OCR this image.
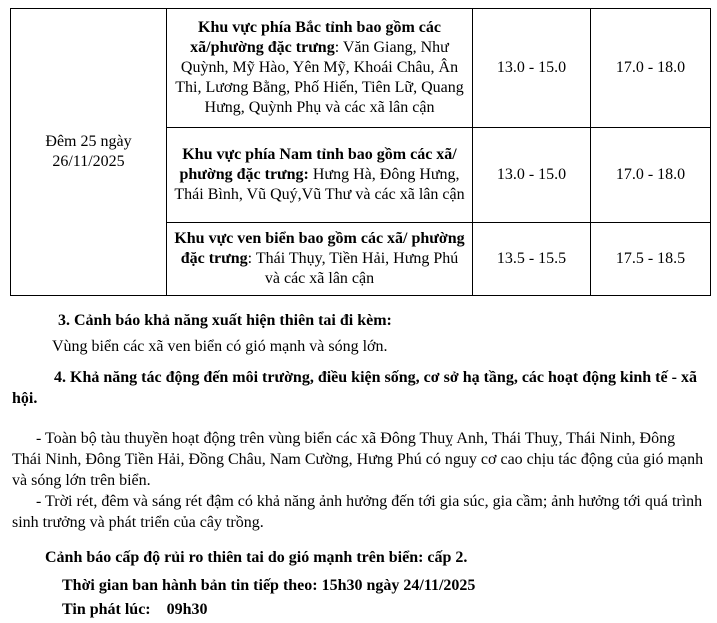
Đêm 25 ngày
26/11/2025	Khu vực phía Bắc tỉnh bao gồm các xã/phường đặc trưng: Văn Giang, Như Quỳnh, Mỹ Hào, Yên Mỹ, Khoái Châu, Ân Thi, Lương Bằng, Phố Hiến, Tiên Lữ, Quang Hưng, Quỳnh Phụ và các xã lân cận	13.0 - 15.0	17.0 - 18.0
	Khu vực phía Nam tỉnh bao gồm các xã/ phường đặc trưng: Hưng Hà, Đông Hưng, Thái Bình, Vũ Quý,Vũ Thư và các xã lân cận	13.0 - 15.0	17.0 - 18.0
	Khu vực ven biển bao gồm các xã/ phường đặc trưng: Thái Thụy, Tiền Hải, Hưng Phú và các xã lân cận	13.5 - 15.5	17.5 - 18.5
3. Cảnh báo khả năng xuất hiện thiên tai đi kèm:
Vùng biển các xã ven biển có gió mạnh và sóng lớn.
4. Khả năng tác động đến môi trường, điều kiện sống, cơ sở hạ tầng, các hoạt động kinh tế - xã hội.
- Toàn bộ tàu thuyền hoạt động trên vùng biển các xã Đông Thuỵ Anh, Thái Thuỵ, Thái Ninh, Đông Thái Ninh, Đông Tiền Hải, Đồng Châu, Nam Cường, Hưng Phú có nguy cơ cao chịu tác động của gió mạnh và sóng lớn trên biển.
- Trời rét, đêm và sáng rét đậm có khả năng ảnh hưởng đến tới gia súc, gia cầm; ảnh hưởng tới quá trình sinh trưởng và phát triển của cây trồng.
Cảnh báo cấp độ rủi ro thiên tai do gió mạnh trên biển: cấp 2.
Thời gian ban hành bản tin tiếp theo: 15h30 ngày 24/11/2025
Tin phát lúc: 09h30
